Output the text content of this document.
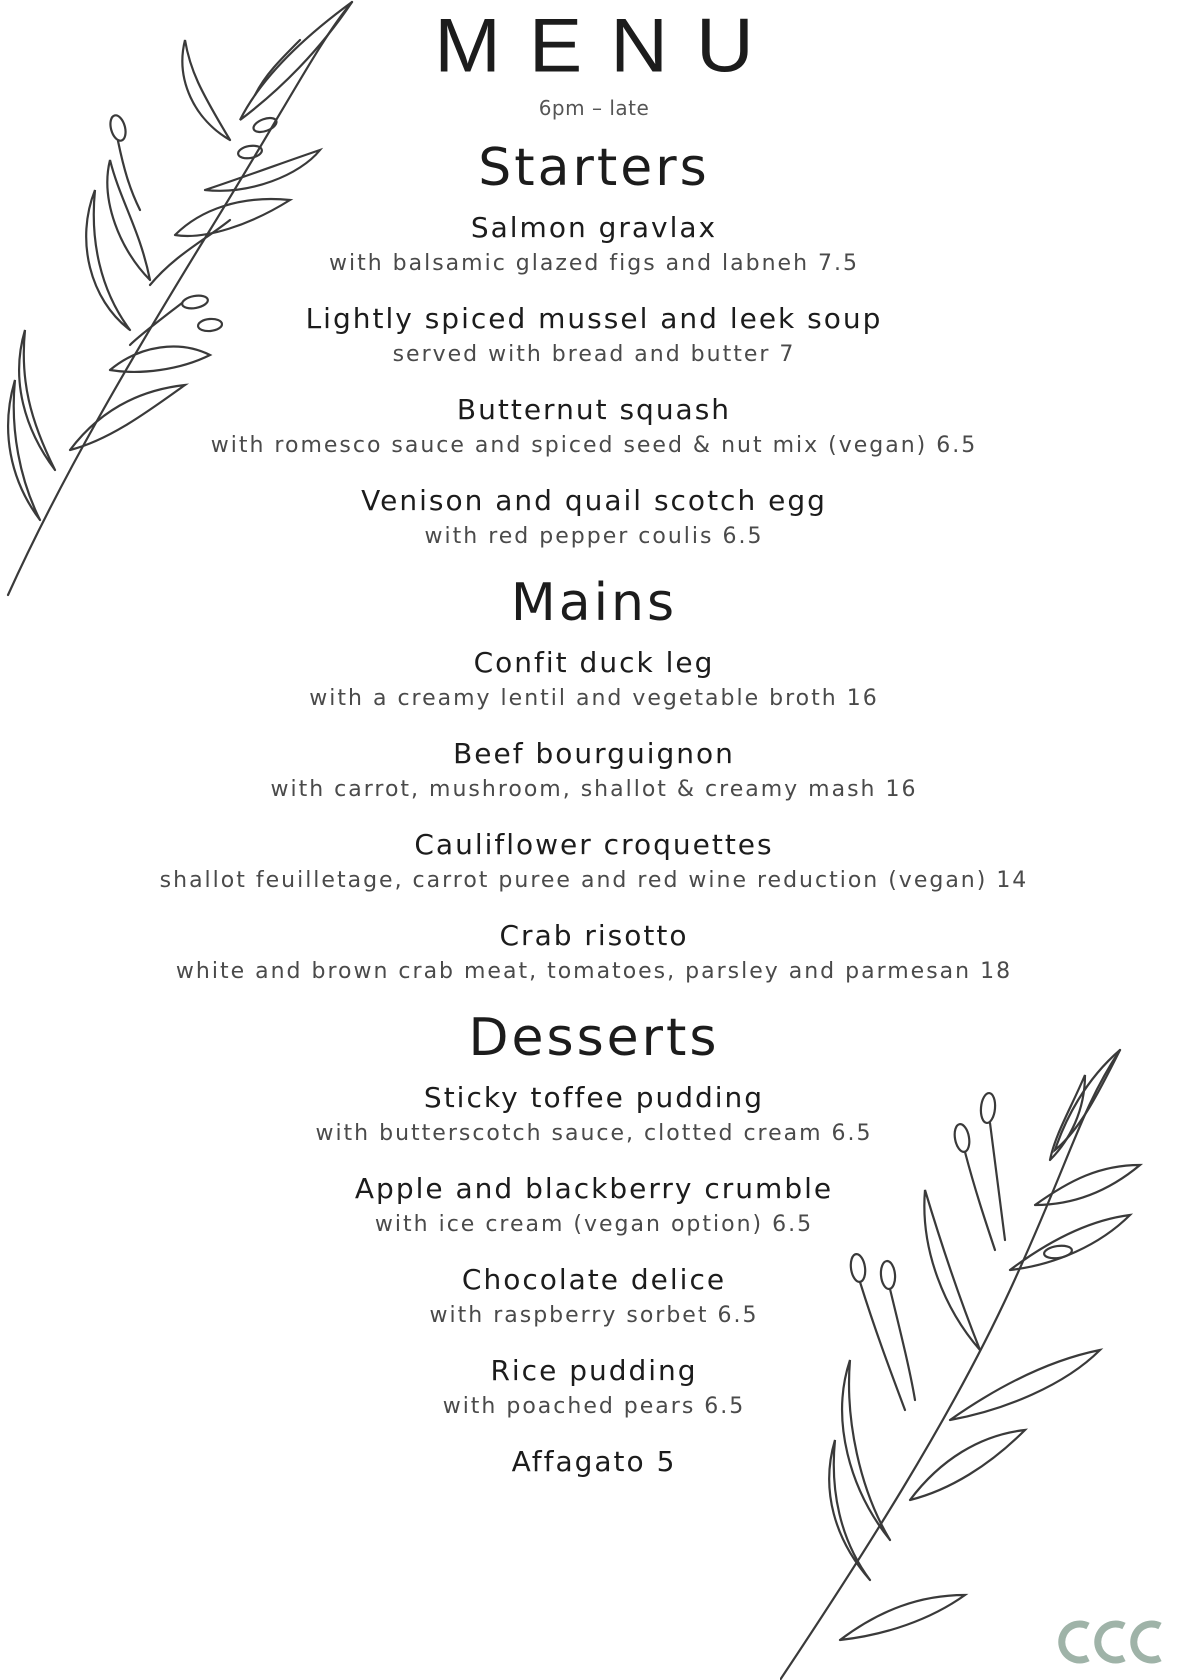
MENU
6pm – late
Starters
Salmon gravlax
with balsamic glazed figs and labneh 7.5
Lightly spiced mussel and leek soup
served with bread and butter 7
Butternut squash
with romesco sauce and spiced seed & nut mix (vegan) 6.5
Venison and quail scotch egg
with red pepper coulis 6.5
Mains
Confit duck leg
with a creamy lentil and vegetable broth 16
Beef bourguignon
with carrot, mushroom, shallot & creamy mash 16
Cauliflower croquettes
shallot feuilletage, carrot puree and red wine reduction (vegan) 14
Crab risotto
white and brown crab meat, tomatoes, parsley and parmesan 18
Desserts
Sticky toffee pudding
with butterscotch sauce, clotted cream 6.5
Apple and blackberry crumble
with ice cream (vegan option) 6.5
Chocolate delice
with raspberry sorbet 6.5
Rice pudding
with poached pears 6.5
Affagato 5
